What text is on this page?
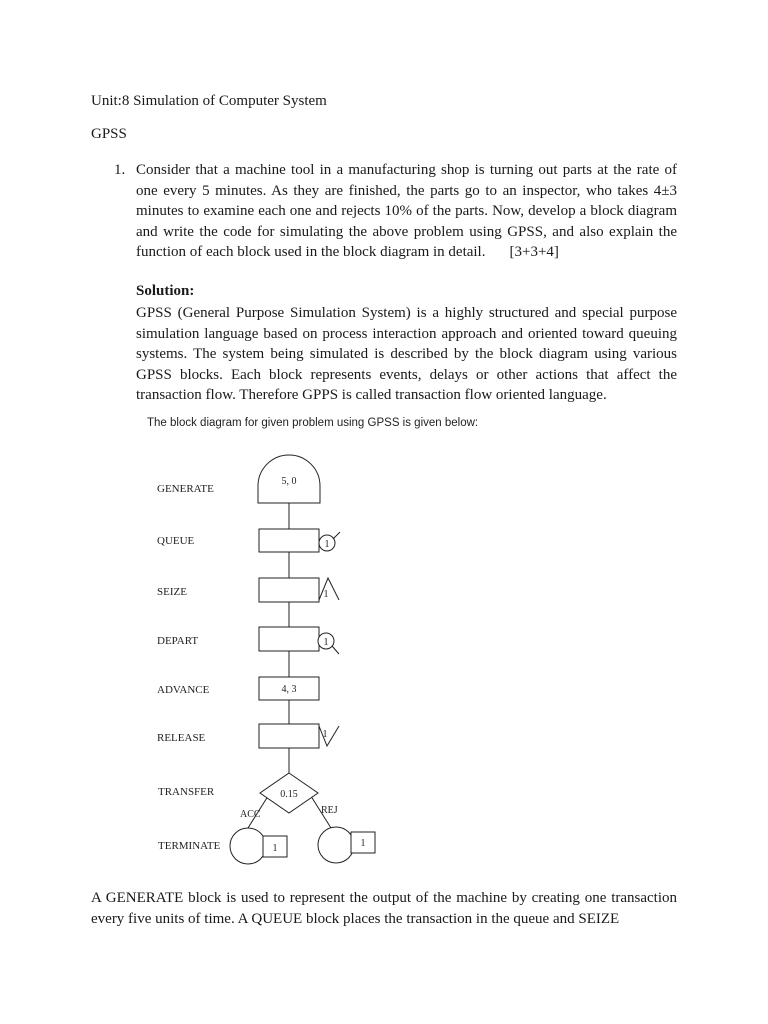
Unit:8 Simulation of Computer System
GPSS
1. Consider that a machine tool in a manufacturing shop is turning out parts at the rate of one every 5 minutes. As they are finished, the parts go to an inspector, who takes 4±3 minutes to examine each one and rejects 10% of the parts. Now, develop a block diagram and write the code for simulating the above problem using GPSS, and also explain the function of each block used in the block diagram in detail. [3+3+4]
Solution:
GPSS (General Purpose Simulation System) is a highly structured and special purpose simulation language based on process interaction approach and oriented toward queuing systems. The system being simulated is described by the block diagram using various GPSS blocks. Each block represents events, delays or other actions that affect the transaction flow. Therefore GPPS is called transaction flow oriented language.
The block diagram for given problem using GPSS is given below:
GENERATE
5, 0
QUEUE	1
SEIZE	1
DEPART	1
ADVANCE	4, 3
RELEASE	1
TRANSFER	0.15
ACC	REJ
TERMINATE	1	1
A GENERATE block is used to represent the output of the machine by creating one transaction every five units of time. A QUEUE block places the transaction in the queue and SEIZE
